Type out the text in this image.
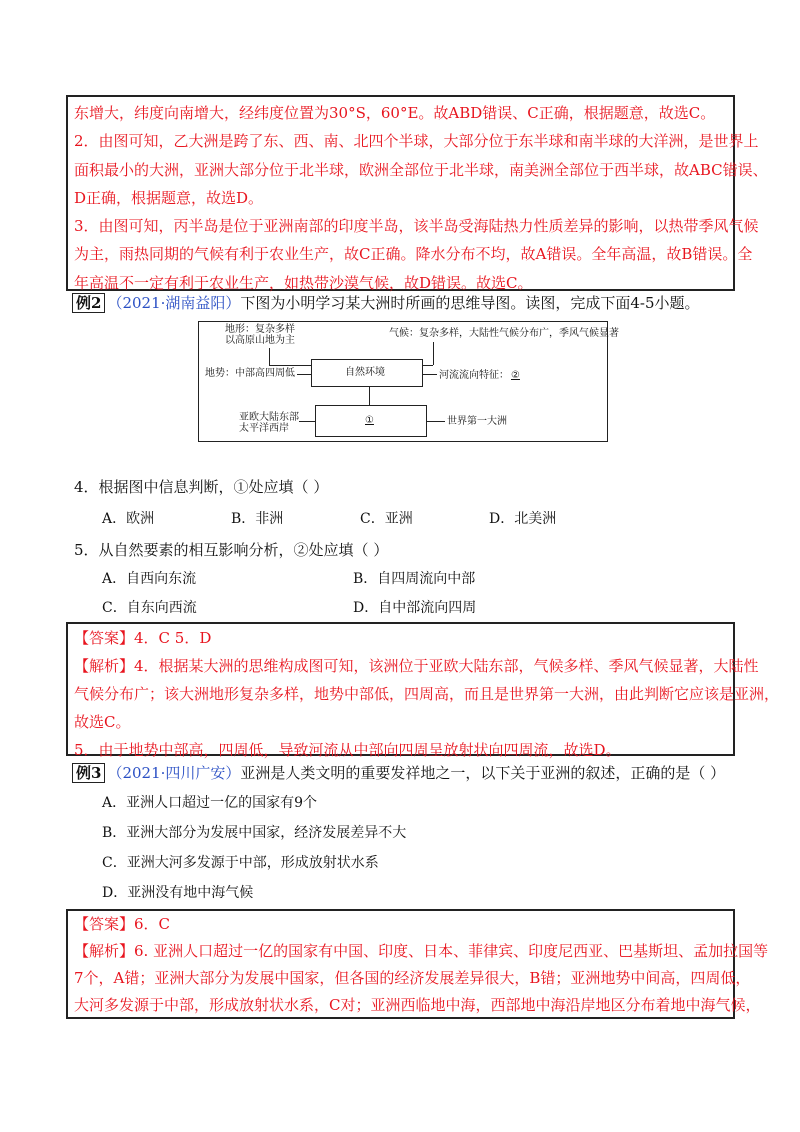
东增大，纬度向南增大，经纬度位置为30°S，60°E。故ABD错误、C正确，根据题意，故选C。

2．由图可知，乙大洲是跨了东、西、南、北四个半球，大部分位于东半球和南半球的大洋洲，是世界上

面积最小的大洲，亚洲大部分位于北半球，欧洲全部位于北半球，南美洲全部位于西半球，故ABC错误、

D正确，根据题意，故选D。

3．由图可知，丙半岛是位于亚洲南部的印度半岛，该半岛受海陆热力性质差异的影响，以热带季风气候

为主，雨热同期的气候有利于农业生产，故C正确。降水分布不均，故A错误。全年高温，故B错误。全

年高温不一定有利于农业生产，如热带沙漠气候，故D错误。故选C。

例2 （2021·湖南益阳）下图为小明学习某大洲时所画的思维导图。读图，完成下面4-5小题。
地形：复杂多样
以高原山地为主
气候：复杂多样，大陆性气候分布广，季风气候显著
地势：中部高四周低	自然环境	河流流向特征： ②
亚欧大陆东部
太平洋西岸
①	世界第一大洲
4．根据图中信息判断，①处应填（ ）
A．欧洲	B．非洲	C．亚洲	D．北美洲
5．从自然要素的相互影响分析，②处应填（ ）
A．自西向东流	B．自四周流向中部
C．自东向西流	D．自中部流向四周

【答案】4．C 5．D

【解析】4．根据某大洲的思维构成图可知，该洲位于亚欧大陆东部，气候多样、季风气候显著，大陆性

气候分布广；该大洲地形复杂多样，地势中部低，四周高，而且是世界第一大洲，由此判断它应该是亚洲，

故选C。

5．由于地势中部高，四周低，导致河流从中部向四周呈放射状向四周流，故选D。

例3 （2021·四川广安）亚洲是人类文明的重要发祥地之一，以下关于亚洲的叙述，正确的是（ ）
A．亚洲人口超过一亿的国家有9个
B．亚洲大部分为发展中国家，经济发展差异不大
C．亚洲大河多发源于中部，形成放射状水系
D．亚洲没有地中海气候

【答案】6．C

【解析】6. 亚洲人口超过一亿的国家有中国、印度、日本、菲律宾、印度尼西亚、巴基斯坦、孟加拉国等

7个，A错；亚洲大部分为发展中国家，但各国的经济发展差异很大，B错；亚洲地势中间高，四周低，

大河多发源于中部，形成放射状水系，C对；亚洲西临地中海，西部地中海沿岸地区分布着地中海气候，
